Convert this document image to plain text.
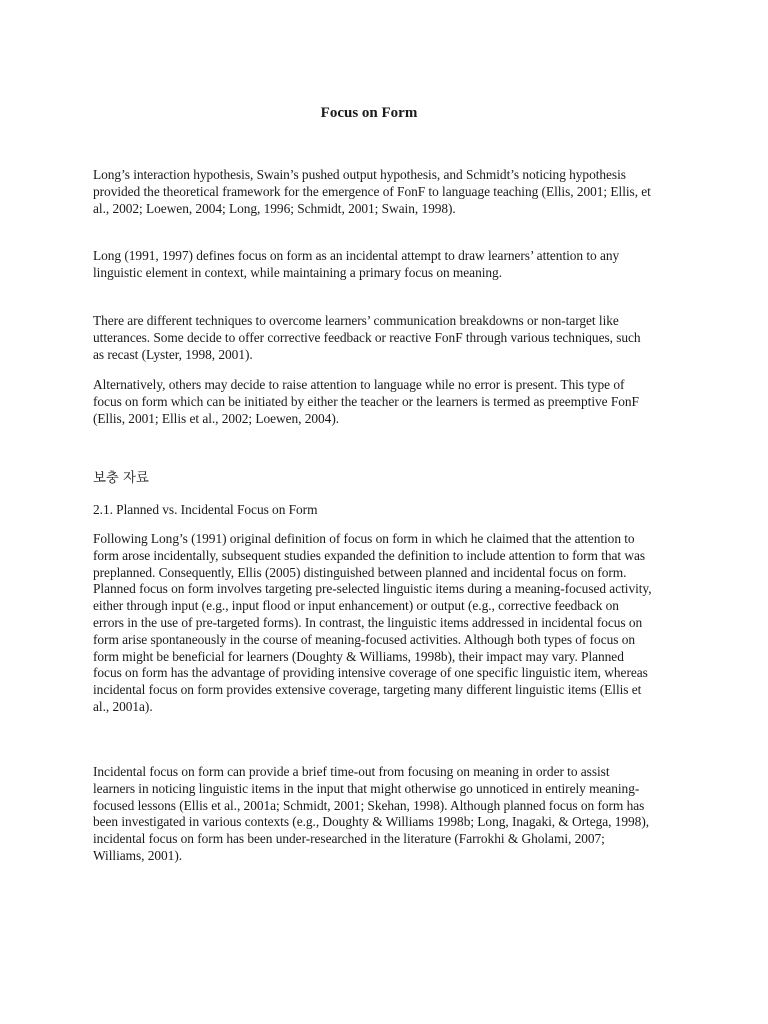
Focus on Form

Long’s interaction hypothesis, Swain’s pushed output hypothesis, and Schmidt’s noticing hypothesis provided the theoretical framework for the emergence of FonF to language teaching (Ellis, 2001; Ellis, et al., 2002; Loewen, 2004; Long, 1996; Schmidt, 2001; Swain, 1998).

Long (1991, 1997) defines focus on form as an incidental attempt to draw learners’ attention to any linguistic element in context, while maintaining a primary focus on meaning.

There are different techniques to overcome learners’ communication breakdowns or non-target like utterances. Some decide to offer corrective feedback or reactive FonF through various techniques, such as recast (Lyster, 1998, 2001).

Alternatively, others may decide to raise attention to language while no error is present. This type of focus on form which can be initiated by either the teacher or the learners is termed as preemptive FonF (Ellis, 2001; Ellis et al., 2002; Loewen, 2004).

보충 자료

2.1. Planned vs. Incidental Focus on Form

Following Long’s (1991) original definition of focus on form in which he claimed that the attention to form arose incidentally, subsequent studies expanded the definition to include attention to form that was preplanned. Consequently, Ellis (2005) distinguished between planned and incidental focus on form. Planned focus on form involves targeting pre-selected linguistic items during a meaning-focused activity, either through input (e.g., input flood or input enhancement) or output (e.g., corrective feedback on errors in the use of pre-targeted forms). In contrast, the linguistic items addressed in incidental focus on form arise spontaneously in the course of meaning-focused activities. Although both types of focus on form might be beneficial for learners (Doughty & Williams, 1998b), their impact may vary. Planned focus on form has the advantage of providing intensive coverage of one specific linguistic item, whereas incidental focus on form provides extensive coverage, targeting many different linguistic items (Ellis et al., 2001a).

Incidental focus on form can provide a brief time-out from focusing on meaning in order to assist learners in noticing linguistic items in the input that might otherwise go unnoticed in entirely meaning-focused lessons (Ellis et al., 2001a; Schmidt, 2001; Skehan, 1998). Although planned focus on form has been investigated in various contexts (e.g., Doughty & Williams 1998b; Long, Inagaki, & Ortega, 1998), incidental focus on form has been under-researched in the literature (Farrokhi & Gholami, 2007; Williams, 2001).
